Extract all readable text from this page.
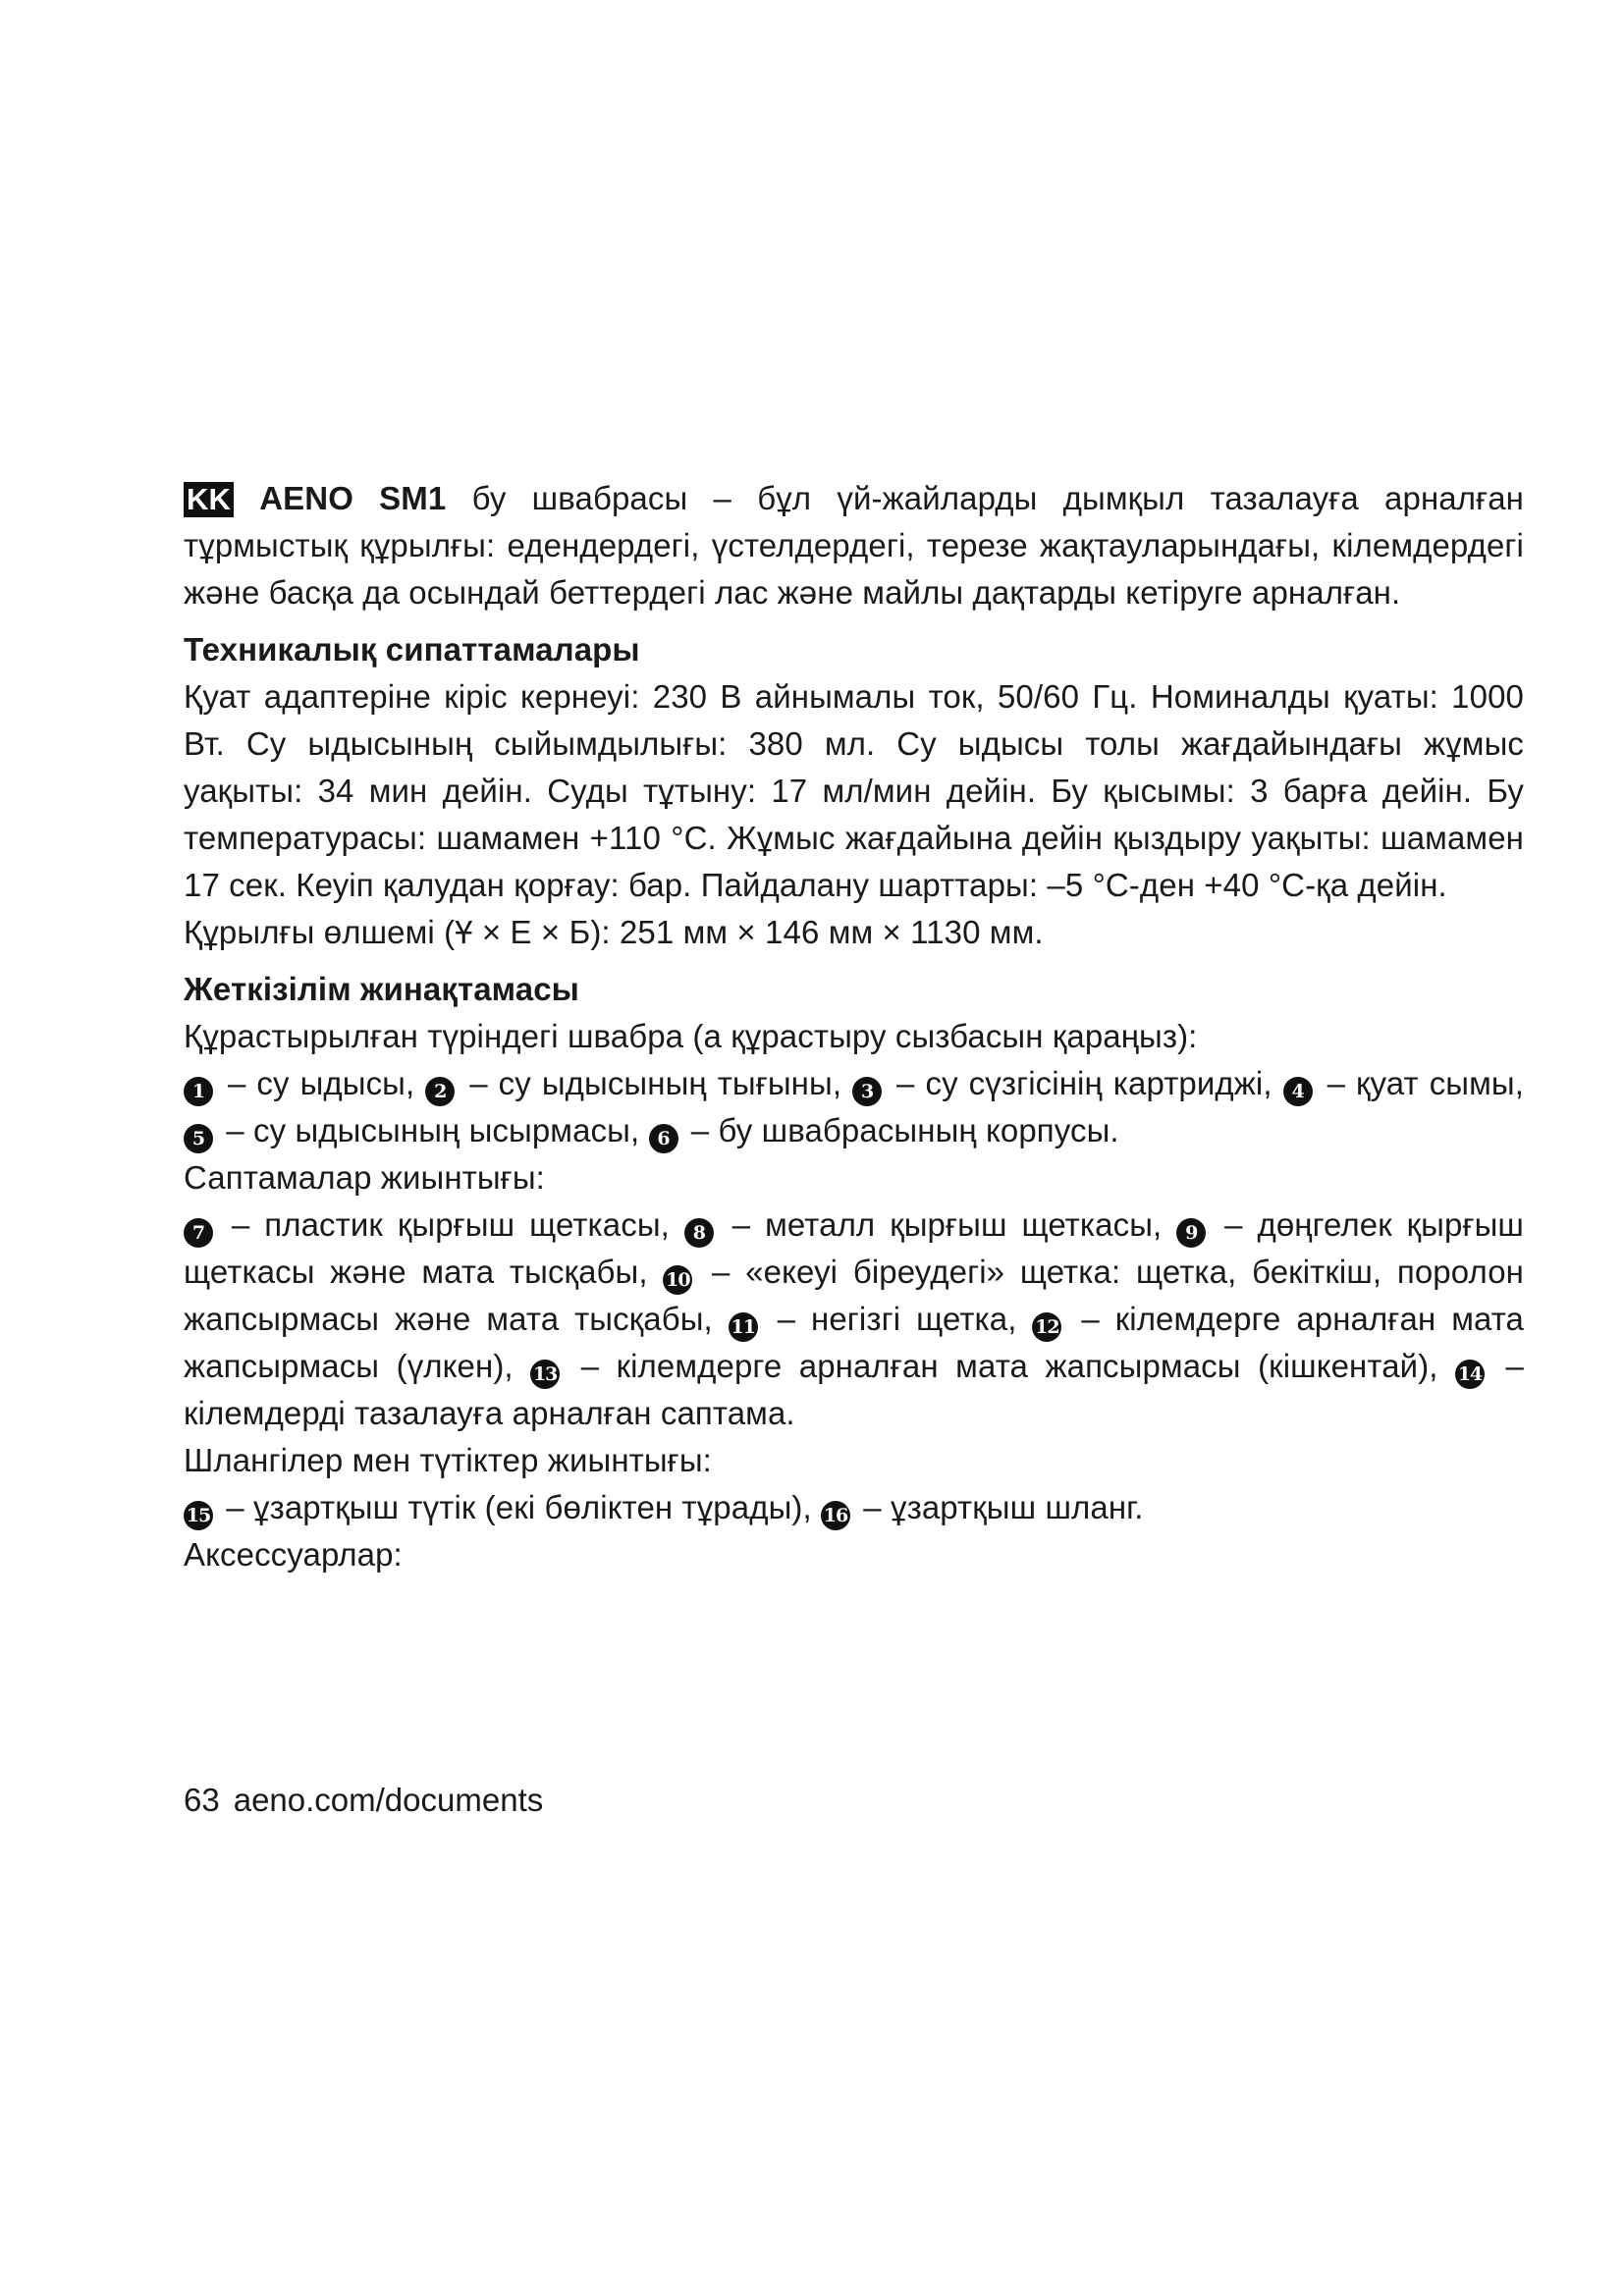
KK AENO SM1 бу швабрасы – бұл үй-жайларды дымқыл тазалауға арналған тұрмыстық құрылғы: едендердегі, үстелдердегі, терезе жақтауларындағы, кілемдердегі және басқа да осындай беттердегі лас және майлы дақтарды кетіруге арналған.

Техникалық сипаттамалары

Қуат адаптеріне кіріс кернеуі: 230 В айнымалы ток, 50/60 Гц. Номиналды қуаты: 1000 Вт. Су ыдысының сыйымдылығы: 380 мл. Су ыдысы толы жағдайындағы жұмыс уақыты: 34 мин дейін. Суды тұтыну: 17 мл/мин дейін. Бу қысымы: 3 барға дейін. Бу температурасы: шамамен +110 °C. Жұмыс жағдайына дейін қыздыру уақыты: шамамен 17 сек. Кеуіп қалудан қорғау: бар. Пайдалану шарттары: –5 °C-ден +40 °C-қа дейін.

Құрылғы өлшемі (Ұ × Е × Б): 251 мм × 146 мм × 1130 мм.

Жеткізілім жинақтамасы

Құрастырылған түріндегі швабра (а құрастыру сызбасын қараңыз):

1 – су ыдысы, 2 – су ыдысының тығыны, 3 – су сүзгісінің картриджі, 4 – қуат сымы, 5 – су ыдысының ысырмасы, 6 – бу швабрасының корпусы.

Саптамалар жиынтығы:

7 – пластик қырғыш щеткасы, 8 – металл қырғыш щеткасы, 9 – дөңгелек қырғыш щеткасы және мата тысқабы, 10 – «екеуі біреудегі» щетка: щетка, бекіткіш, поролон жапсырмасы және мата тысқабы, 11 – негізгі щетка, 12 – кілемдерге арналған мата жапсырмасы (үлкен), 13 – кілемдерге арналған мата жапсырмасы (кішкентай), 14 – кілемдерді тазалауға арналған саптама.

Шлангілер мен түтіктер жиынтығы:

15 – ұзартқыш түтік (екі бөліктен тұрады), 16 – ұзартқыш шланг.

Аксессуарлар:

63 aeno.com/documents
